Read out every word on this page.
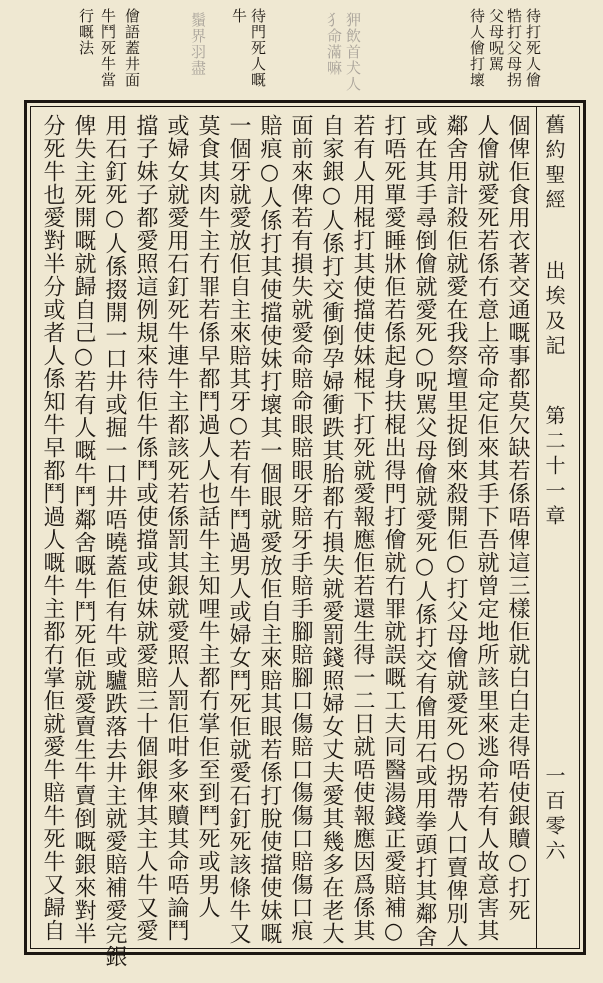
待打死人儈
牿打父母拐
父母呪駡
待人儈打壞
狎飲首犬人
犭命滿嘛
待門死人嘅
牛
鬚界羽盡
儈語蓋井面
牛鬥死牛當
行嘅法
舊約聖經
出埃及記
第二十一章
一百零六
個俾佢食用衣著交通嘅事都莫欠缺若係唔俾這三樣佢就白白走得唔使銀贖○打死
人儈就愛死若係冇意上帝命定佢來其手下吾就曾定地所該里來逃命若有人故意害其
鄰舍用計殺佢就愛在我祭壇里捉倒來殺開佢○打父母儈就愛死○拐帶人口賣俾別人
或在其手尋倒儈就愛死○呪駡父母儈就愛死○人係打交有儈用石或用拳頭打其鄰舍
打唔死單愛睡牀佢若係起身扶棍出得門打儈就冇罪就誤嘅工夫同醫湯錢正愛賠補○
若有人用棍打其使擋使妹棍下打死就愛報應佢若還生得一二日就唔使報應因爲係其
自家銀○人係打交衝倒孕婦衝跌其胎都冇損失就愛罰錢照婦女丈夫愛其幾多在老大
面前來俾若有損失就愛命賠命眼賠眼牙賠牙手賠手腳賠腳口傷賠口傷傷口賠傷口痕
賠痕○人係打其使擋使妹打壞其一個眼就愛放佢自主來賠其眼若係打脫使擋使妹嘅
一個牙就愛放佢自主來賠其牙○若有牛鬥過男人或婦女鬥死佢就愛石釘死該條牛又
莫食其肉牛主冇罪若係早都鬥過人人也話牛主知哩牛主都冇掌佢至到鬥死或男人
或婦女就愛用石釘死牛連牛主都該死若係罰其銀就愛照人罰佢咁多來贖其命唔論鬥
擋子妹子都愛照這例規來待佢牛係鬥或使擋或使妹就愛賠三十個銀俾其主人牛又愛
用石釘死○人係掇開一口井或掘一口井唔曉蓋佢有牛或驢跌落去井主就愛賠補愛完銀
俾失主死開嘅就歸自己○若有人嘅牛鬥鄰舍嘅牛鬥死佢就愛賣生牛賣倒嘅銀來對半
分死牛也愛對半分或者人係知牛早都鬥過人嘅牛主都冇掌佢就愛牛賠牛死牛又歸自
